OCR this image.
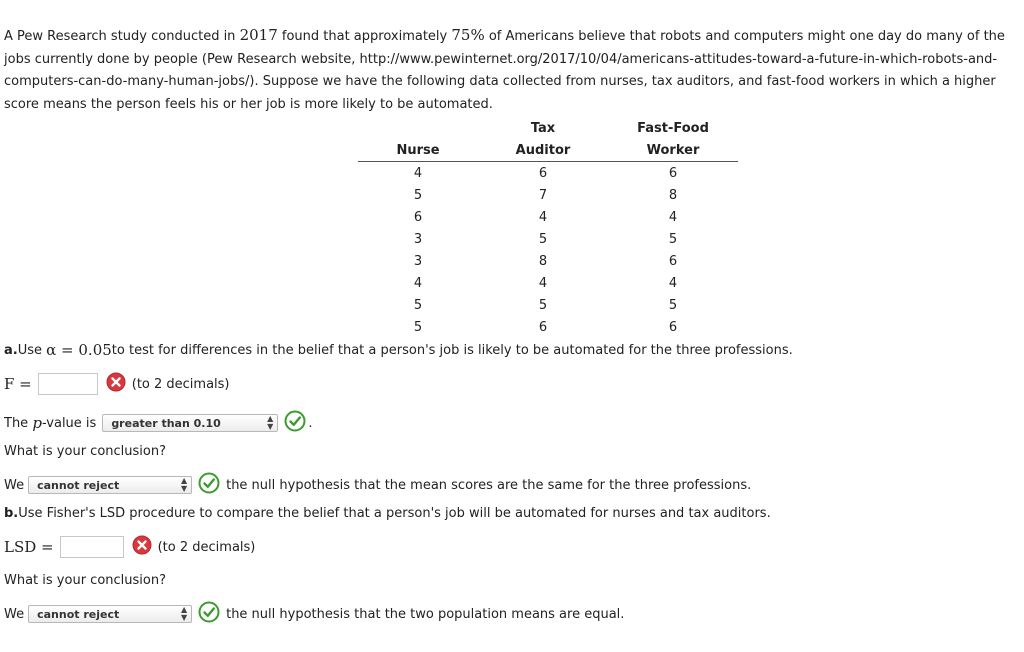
A Pew Research study conducted in 2017 found that approximately 75% of Americans believe that robots and computers might one day do many of the jobs currently done by people (Pew Research website, http://www.pewinternet.org/2017/10/04/americans-attitudes-toward-a-future-in-which-robots-and-computers-can-do-many-human-jobs/). Suppose we have the following data collected from nurses, tax auditors, and fast-food workers in which a higher score means the person feels his or her job is more likely to be automated.
	Tax	Fast-Food
Nurse	Auditor	Worker
4	6	6
5	7	8
6	4	4
3	5	5
3	8	6
4	4	4
5	5	5
5	6	6
a. Use
α = 0.05 to test for differences in the belief that a person's job is likely to be automated for the three professions.
F =	(to 2 decimals)
The
p -value is greater than 0.10	▲
▼	.
What is your conclusion?
We cannot reject	▲
▼	the null hypothesis that the mean scores are the same for the three professions.
b. Use Fisher's LSD procedure to compare the belief that a person's job will be automated for nurses and tax auditors.
LSD =	(to 2 decimals)
What is your conclusion?
We cannot reject	▲
▼	the null hypothesis that the two population means are equal.
